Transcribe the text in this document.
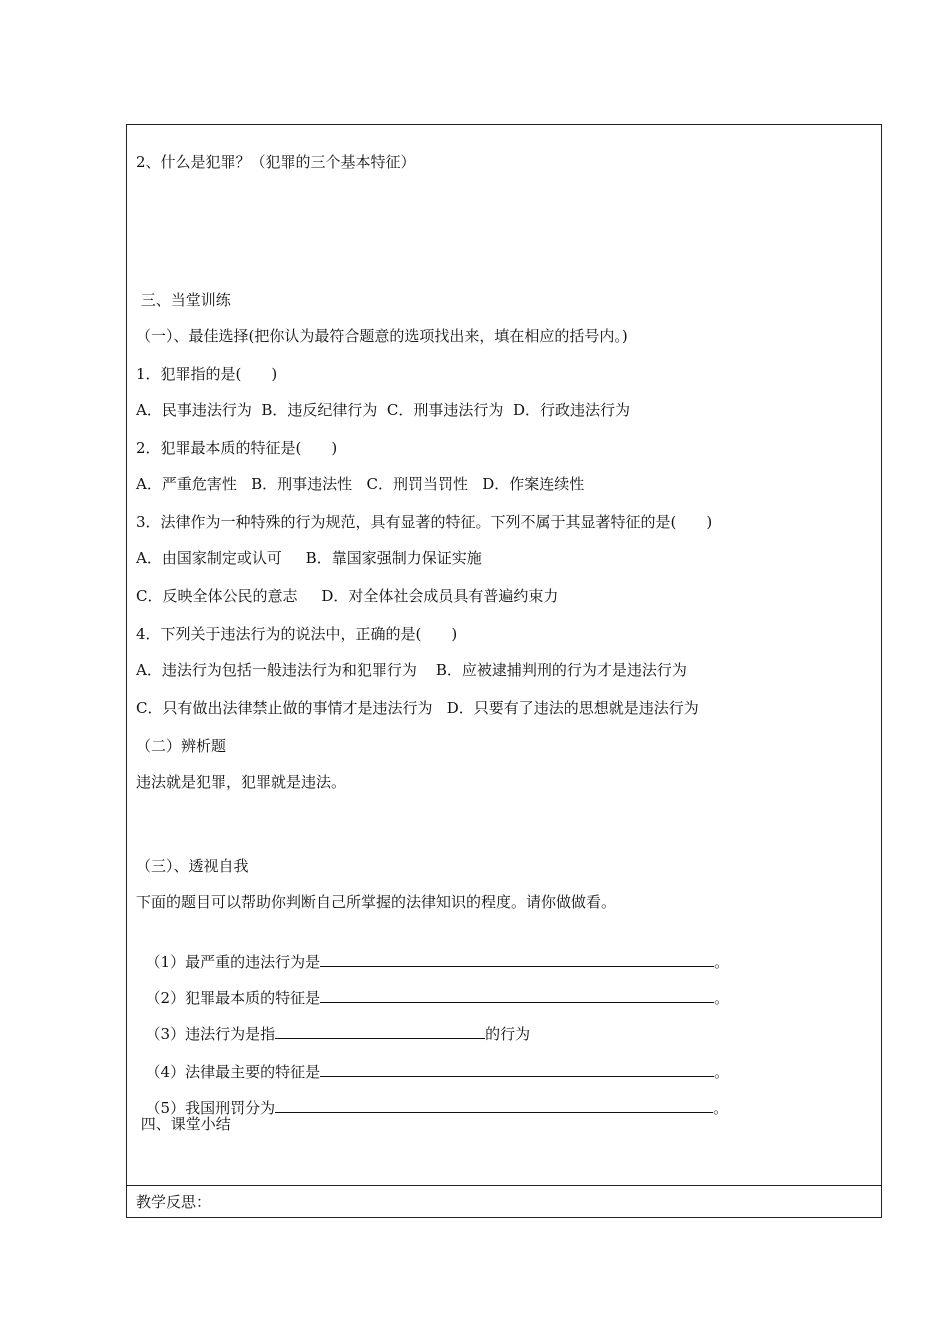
2、什么是犯罪？（犯罪的三个基本特征）
三、当堂训练
（一）、最佳选择(把你认为最符合题意的选项找出来，填在相应的括号内。)
1．犯罪指的是(　　)
A．民事违法行为  B．违反纪律行为  C．刑事违法行为  D．行政违法行为
2．犯罪最本质的特征是(　　)
A．严重危害性   B．刑事违法性   C．刑罚当罚性   D．作案连续性
3．法律作为一种特殊的行为规范，具有显著的特征。下列不属于其显著特征的是(　　)
A．由国家制定或认可     B．靠国家强制力保证实施
C．反映全体公民的意志     D．对全体社会成员具有普遍约束力
4．下列关于违法行为的说法中，正确的是(　　)
A．违法行为包括一般违法行为和犯罪行为    B．应被逮捕判刑的行为才是违法行为
C．只有做出法律禁止做的事情才是违法行为   D．只要有了违法的思想就是违法行为
（二）辨析题
违法就是犯罪，犯罪就是违法。
（三）、透视自我
下面的题目可以帮助你判断自己所掌握的法律知识的程度。请你做做看。

（1）最严重的违法行为是	。

（2）犯罪最本质的特征是	。

（3）违法行为是指	的行为

（4）法律最主要的特征是	。

（5）我国刑罚分为	。

四、课堂小结
教学反思：
